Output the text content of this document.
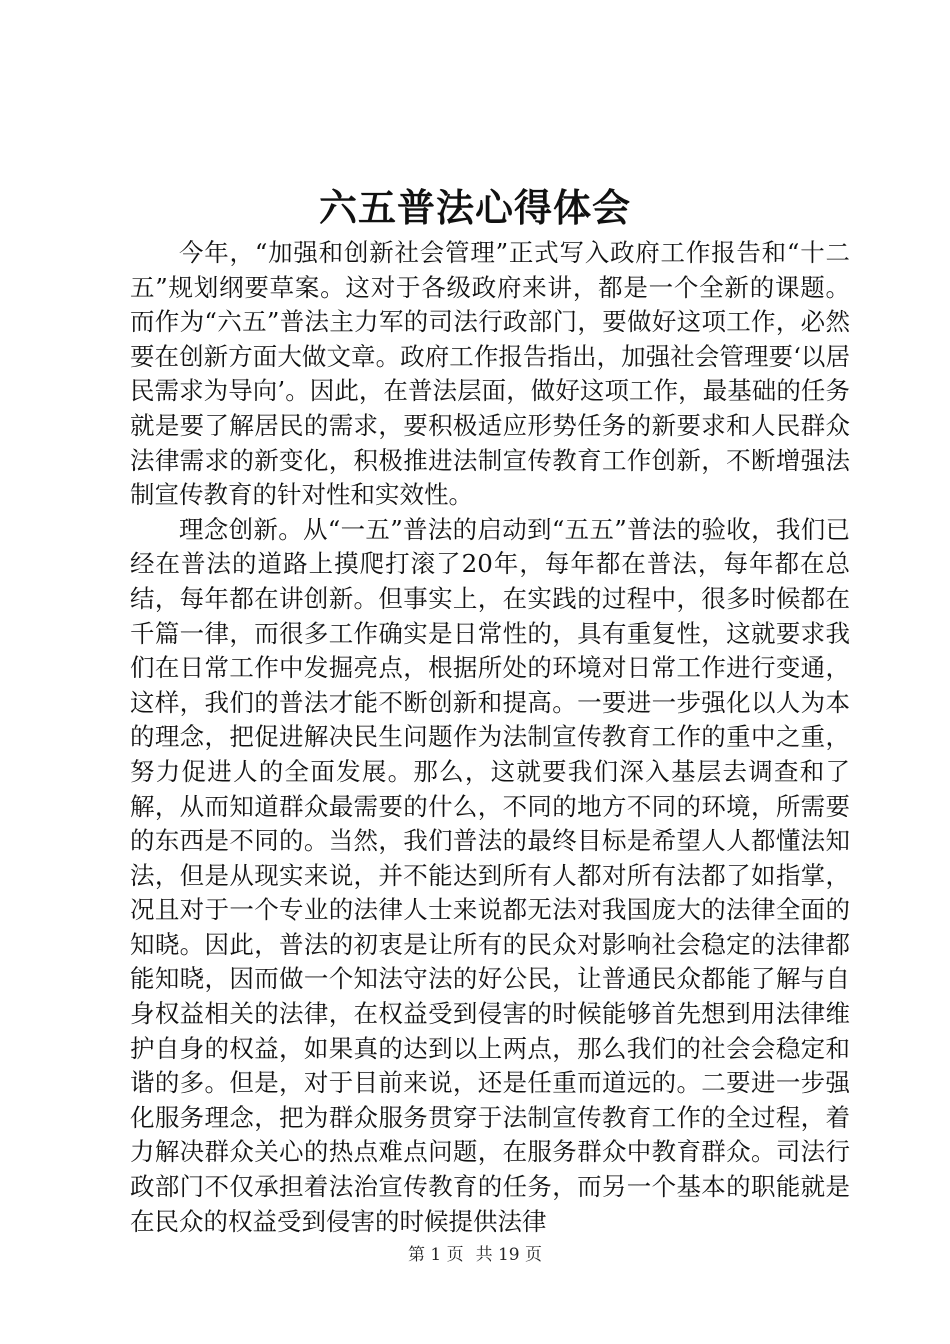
六五普法心得体会

今年，“加强和创新社会管理”正式写入政府工作报告和“十二五”规划纲要草案。这对于各级政府来讲，都是一个全新的课题。而作为“六五”普法主力军的司法行政部门，要做好这项工作，必然要在创新方面大做文章。政府工作报告指出，加强社会管理要‘以居民需求为导向’。因此，在普法层面，做好这项工作，最基础的任务就是要了解居民的需求，要积极适应形势任务的新要求和人民群众法律需求的新变化，积极推进法制宣传教育工作创新，不断增强法制宣传教育的针对性和实效性。

理念创新。从“一五”普法的启动到“五五”普法的验收，我们已经在普法的道路上摸爬打滚了20年，每年都在普法，每年都在总结，每年都在讲创新。但事实上，在实践的过程中，很多时候都在千篇一律，而很多工作确实是日常性的，具有重复性，这就要求我们在日常工作中发掘亮点，根据所处的环境对日常工作进行变通，这样，我们的普法才能不断创新和提高。一要进一步强化以人为本的理念，把促进解决民生问题作为法制宣传教育工作的重中之重，努力促进人的全面发展。那么，这就要我们深入基层去调查和了解，从而知道群众最需要的什么，不同的地方不同的环境，所需要的东西是不同的。当然，我们普法的最终目标是希望人人都懂法知法，但是从现实来说，并不能达到所有人都对所有法都了如指掌，况且对于一个专业的法律人士来说都无法对我国庞大的法律全面的知晓。因此，普法的初衷是让所有的民众对影响社会稳定的法律都能知晓，因而做一个知法守法的好公民，让普通民众都能了解与自身权益相关的法律，在权益受到侵害的时候能够首先想到用法律维护自身的权益，如果真的达到以上两点，那么我们的社会会稳定和谐的多。但是，对于目前来说，还是任重而道远的。二要进一步强化服务理念，把为群众服务贯穿于法制宣传教育工作的全过程，着力解决群众关心的热点难点问题，在服务群众中教育群众。司法行政部门不仅承担着法治宣传教育的任务，而另一个基本的职能就是在民众的权益受到侵害的时候提供法律

第 1 页 共 19 页
